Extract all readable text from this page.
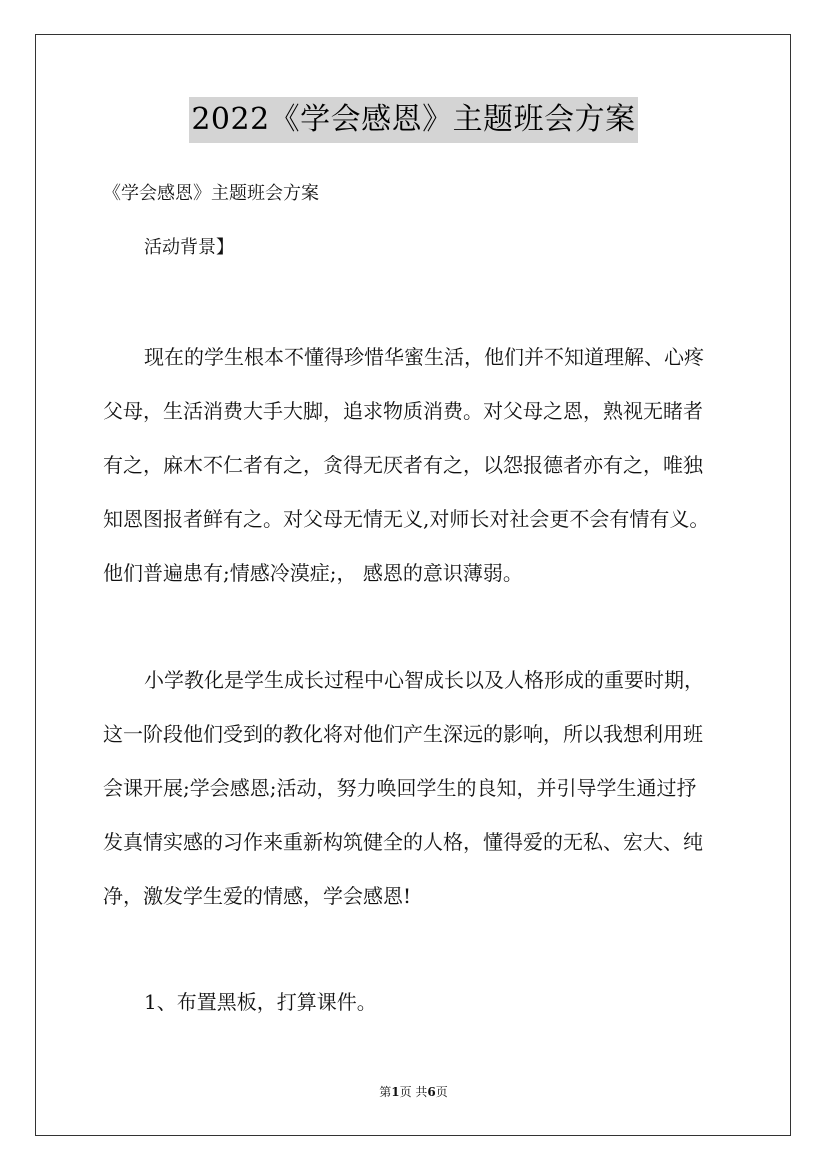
2022《学会感恩》主题班会方案
《学会感恩》主题班会方案
活动背景】

现在的学生根本不懂得珍惜华蜜生活，他们并不知道理解、心疼
父母，生活消费大手大脚，追求物质消费。对父母之恩，熟视无睹者
有之，麻木不仁者有之，贪得无厌者有之，以怨报德者亦有之，唯独
知恩图报者鲜有之。对父母无情无义,对师长对社会更不会有情有义。
他们普遍患有;情感冷漠症;， 感恩的意识薄弱。

小学教化是学生成长过程中心智成长以及人格形成的重要时期，
这一阶段他们受到的教化将对他们产生深远的影响，所以我想利用班
会课开展;学会感恩;活动，努力唤回学生的良知，并引导学生通过抒
发真情实感的习作来重新构筑健全的人格，懂得爱的无私、宏大、纯
净，激发学生爱的情感，学会感恩!

1、布置黑板，打算课件。
第1页 共6页
